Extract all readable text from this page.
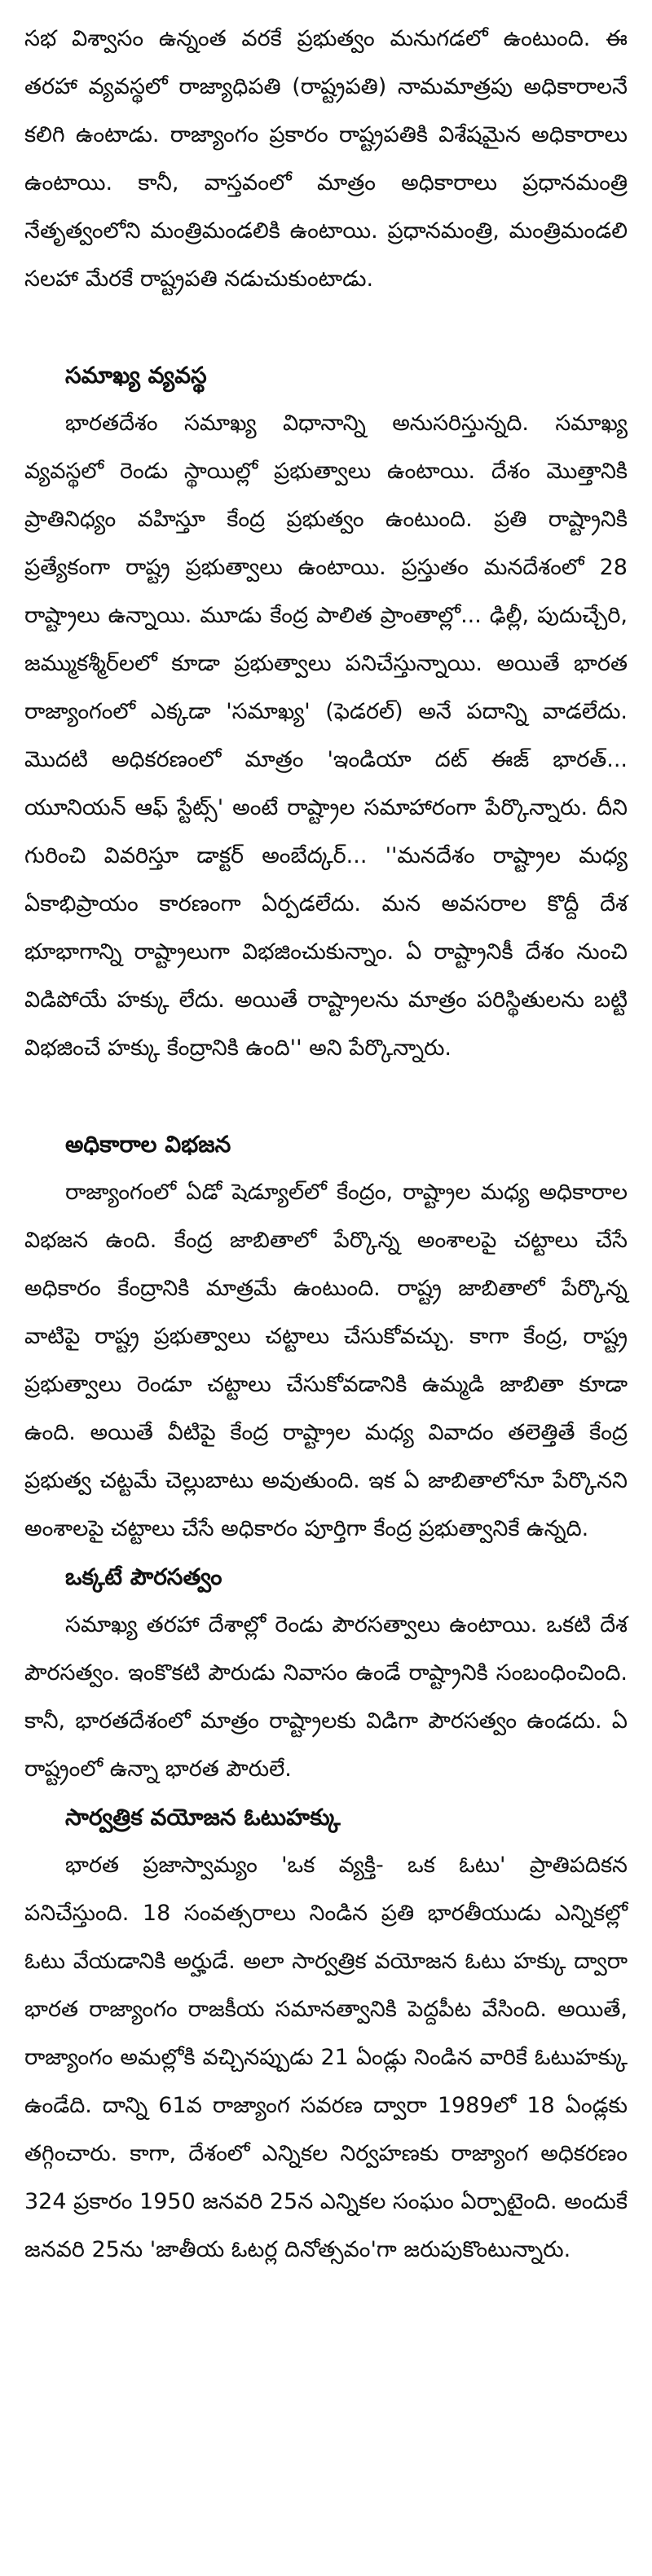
సభ విశ్వాసం ఉన్నంత వరకే ప్రభుత్వం మనుగడలో ఉంటుంది. ఈ తరహా వ్యవస్థలో రాజ్యాధిపతి (రాష్ట్రపతి) నామమాత్రపు అధికారాలనే కలిగి ఉంటాడు. రాజ్యాంగం ప్రకారం రాష్ట్రపతికి విశేషమైన అధికారాలు ఉంటాయి. కానీ, వాస్తవంలో మాత్రం అధికారాలు ప్రధానమంత్రి నేతృత్వంలోని మంత్రిమండలికి ఉంటాయి. ప్రధానమంత్రి, మంత్రిమండలి సలహా మేరకే రాష్ట్రపతి నడుచుకుంటాడు.

సమాఖ్య వ్యవస్థ

భారతదేశం సమాఖ్య విధానాన్ని అనుసరిస్తున్నది. సమాఖ్య వ్యవస్థలో రెండు స్థాయిల్లో ప్రభుత్వాలు ఉంటాయి. దేశం మొత్తానికి ప్రాతినిధ్యం వహిస్తూ కేంద్ర ప్రభుత్వం ఉంటుంది. ప్రతి రాష్ట్రానికి ప్రత్యేకంగా రాష్ట్ర ప్రభుత్వాలు ఉంటాయి. ప్రస్తుతం మనదేశంలో 28 రాష్ట్రాలు ఉన్నాయి. మూడు కేంద్ర పాలిత ప్రాంతాల్లో... ఢిల్లీ, పుదుచ్చేరి, జమ్ముకశ్మీర్‌లలో కూడా ప్రభుత్వాలు పనిచేస్తున్నాయి. అయితే భారత రాజ్యాంగంలో ఎక్కడా 'సమాఖ్య' (ఫెడరల్) అనే పదాన్ని వాడలేదు. మొదటి అధికరణంలో మాత్రం 'ఇండియా దట్ ఈజ్ భారత్... యూనియన్ ఆఫ్ స్టేట్స్' అంటే రాష్ట్రాల సమాహారంగా పేర్కొన్నారు. దీని గురించి వివరిస్తూ డాక్టర్ అంబేద్కర్... ''మనదేశం రాష్ట్రాల మధ్య ఏకాభిప్రాయం కారణంగా ఏర్పడలేదు. మన అవసరాల కొద్దీ దేశ భూభాగాన్ని రాష్ట్రాలుగా విభజించుకున్నాం. ఏ రాష్ట్రానికీ దేశం నుంచి విడిపోయే హక్కు లేదు. అయితే రాష్ట్రాలను మాత్రం పరిస్థితులను బట్టి విభజించే హక్కు కేంద్రానికి ఉంది'' అని పేర్కొన్నారు.

అధికారాల విభజన

రాజ్యాంగంలో ఏడో షెడ్యూల్‌లో కేంద్రం, రాష్ట్రాల మధ్య అధికారాల విభజన ఉంది. కేంద్ర జాబితాలో పేర్కొన్న అంశాలపై చట్టాలు చేసే అధికారం కేంద్రానికి మాత్రమే ఉంటుంది. రాష్ట్ర జాబితాలో పేర్కొన్న వాటిపై రాష్ట్ర ప్రభుత్వాలు చట్టాలు చేసుకోవచ్చు. కాగా కేంద్ర, రాష్ట్ర ప్రభుత్వాలు రెండూ చట్టాలు చేసుకోవడానికి ఉమ్మడి జాబితా కూడా ఉంది. అయితే వీటిపై కేంద్ర రాష్ట్రాల మధ్య వివాదం తలెత్తితే కేంద్ర ప్రభుత్వ చట్టమే చెల్లుబాటు అవుతుంది. ఇక ఏ జాబితాలోనూ పేర్కొనని అంశాలపై చట్టాలు చేసే అధికారం పూర్తిగా కేంద్ర ప్రభుత్వానికే ఉన్నది.

ఒక్కటే పౌరసత్వం

సమాఖ్య తరహా దేశాల్లో రెండు పౌరసత్వాలు ఉంటాయి. ఒకటి దేశ పౌరసత్వం. ఇంకొకటి పౌరుడు నివాసం ఉండే రాష్ట్రానికి సంబంధించింది. కానీ, భారతదేశంలో మాత్రం రాష్ట్రాలకు విడిగా పౌరసత్వం ఉండదు. ఏ రాష్ట్రంలో ఉన్నా భారత పౌరులే.

సార్వత్రిక వయోజన ఓటుహక్కు

భారత ప్రజాస్వామ్యం 'ఒక వ్యక్తి- ఒక ఓటు' ప్రాతిపదికన పనిచేస్తుంది. 18 సంవత్సరాలు నిండిన ప్రతి భారతీయుడు ఎన్నికల్లో ఓటు వేయడానికి అర్హుడే. అలా సార్వత్రిక వయోజన ఓటు హక్కు ద్వారా భారత రాజ్యాంగం రాజకీయ సమానత్వానికి పెద్దపీట వేసింది. అయితే, రాజ్యాంగం అమల్లోకి వచ్చినప్పుడు 21 ఏండ్లు నిండిన వారికే ఓటుహక్కు ఉండేది. దాన్ని 61వ రాజ్యాంగ సవరణ ద్వారా 1989లో 18 ఏండ్లకు తగ్గించారు. కాగా, దేశంలో ఎన్నికల నిర్వహణకు రాజ్యాంగ అధికరణం 324 ప్రకారం 1950 జనవరి 25న ఎన్నికల సంఘం ఏర్పాటైంది. అందుకే జనవరి 25ను 'జాతీయ ఓటర్ల దినోత్సవం'గా జరుపుకొంటున్నారు.
